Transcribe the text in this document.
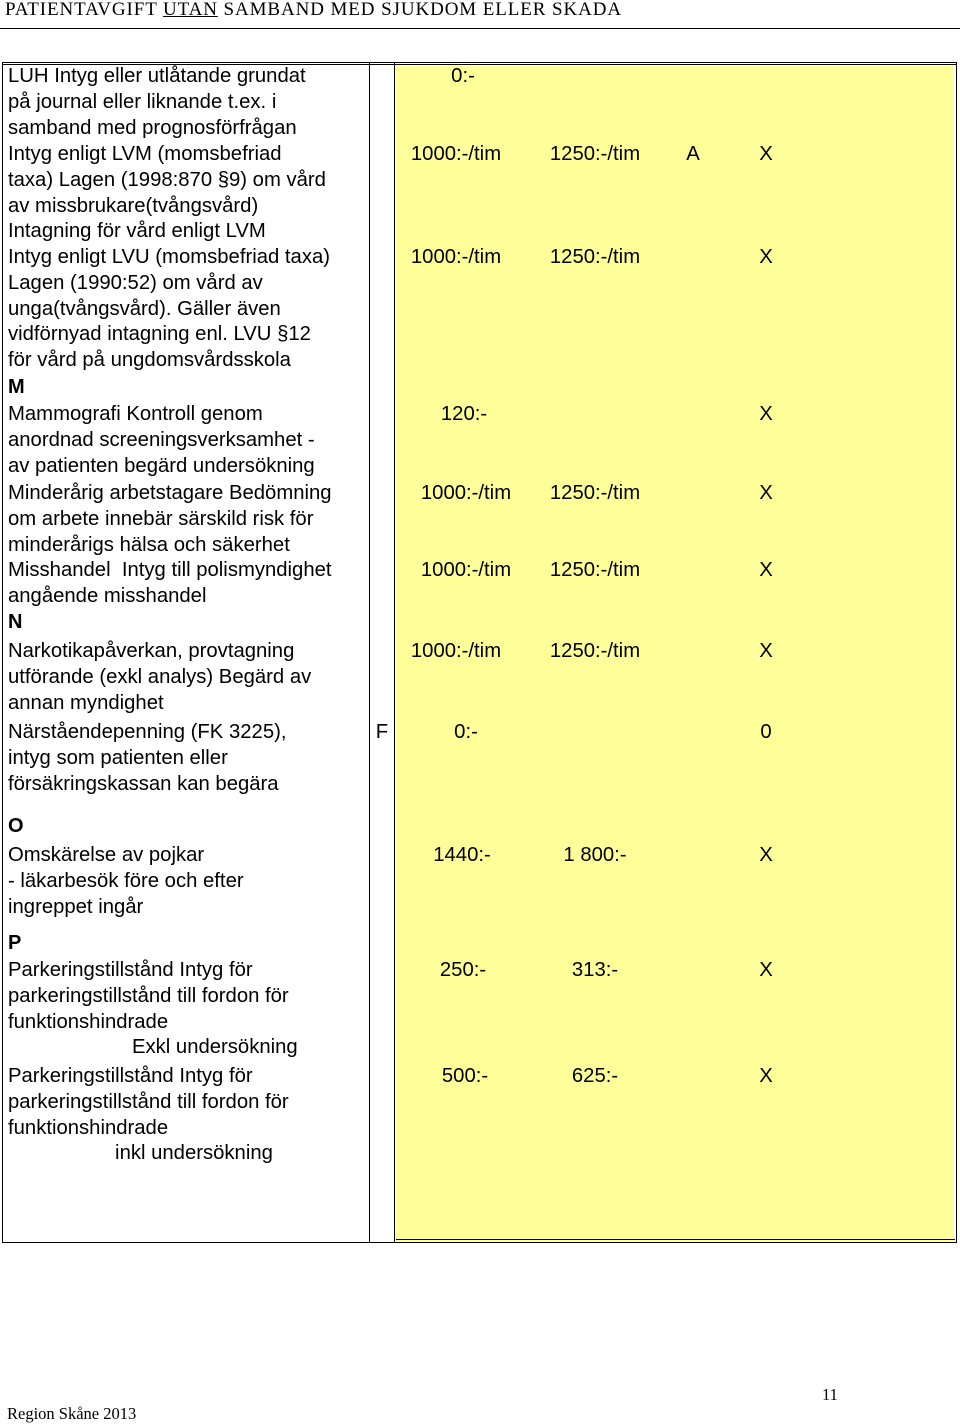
PATIENTAVGIFT UTAN SAMBAND MED SJUKDOM ELLER SKADA
LUH Intyg eller utlåtande grundat
på journal eller liknande t.ex. i
samband med prognosförfrågan
0:-
Intyg enligt LVM (momsbefriad
taxa) Lagen (1998:870 §9) om vård
av missbrukare(tvångsvård)
Intagning för vård enligt LVM
1000:-/tim 1250:-/tim A	X
Intyg enligt LVU (momsbefriad taxa)
Lagen (1990:52) om vård av
unga(tvångsvård). Gäller även
vidförnyad intagning enl. LVU §12
för vård på ungdomsvårdsskola
1000:-/tim 1250:-/tim	X
M
Mammografi Kontroll genom
anordnad screeningsverksamhet -
av patienten begärd undersökning
120:-	X
Minderårig arbetstagare Bedömning
om arbete innebär särskild risk för
minderårigs hälsa och säkerhet
1000:-/tim 1250:-/tim	X
Misshandel  Intyg till polismyndighet
angående misshandel
1000:-/tim 1250:-/tim	X
N
Narkotikapåverkan, provtagning
utförande (exkl analys) Begärd av
annan myndighet
1000:-/tim 1250:-/tim	X
Närståendepenning (FK 3225),
intyg som patienten eller
försäkringskassan kan begära
F	0:-	0
O
Omskärelse av pojkar
- läkarbesök före och efter
ingreppet ingår
1440:-	1 800:-	X
P
Parkeringstillstånd Intyg för
parkeringstillstånd till fordon för
funktionshindrade
Exkl undersökning
250:-	313:-	X
Parkeringstillstånd Intyg för
parkeringstillstånd till fordon för
funktionshindrade
inkl undersökning
500:-	625:-	X
11
Region Skåne 2013
